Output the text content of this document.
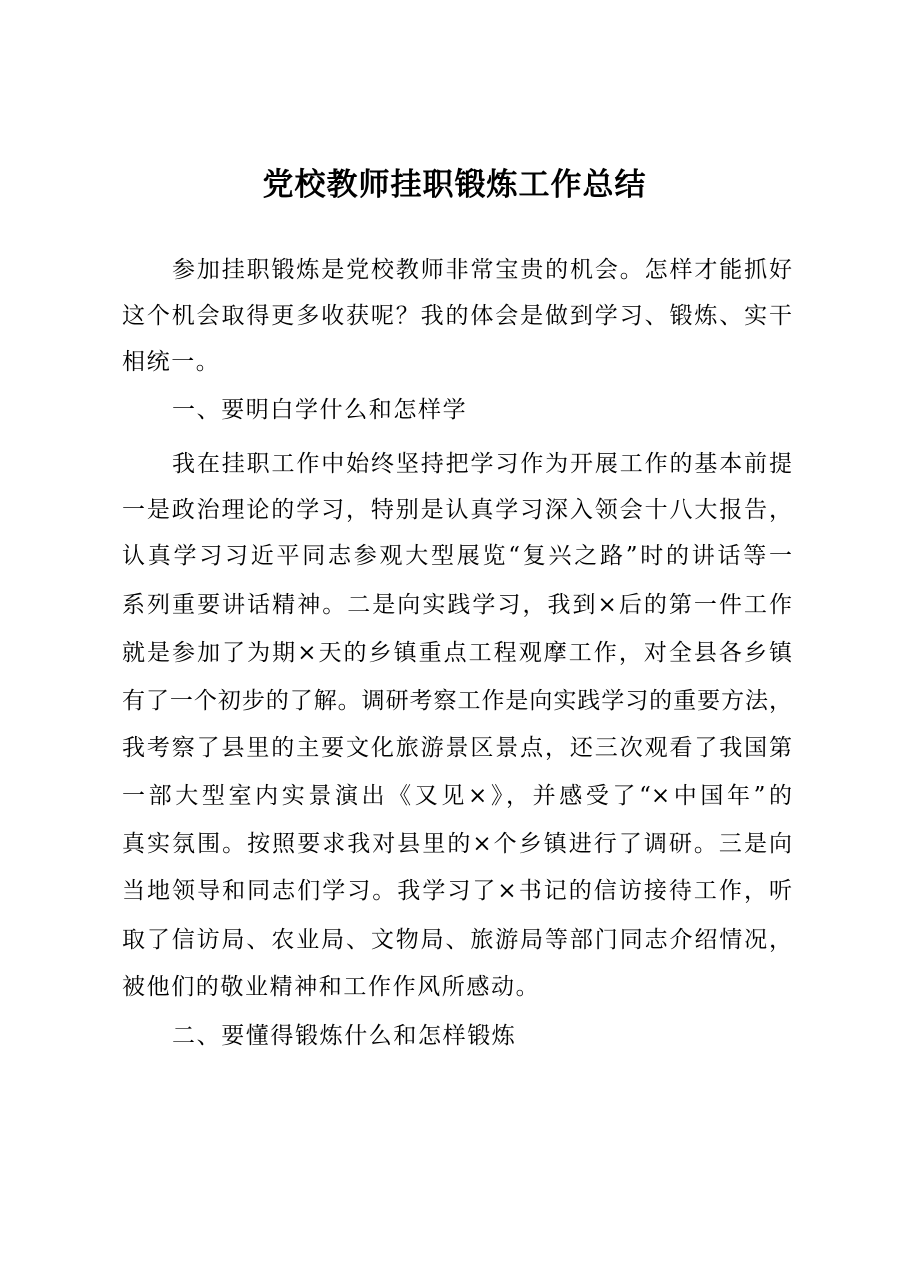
党校教师挂职锻炼工作总结
参加挂职锻炼是党校教师非常宝贵的机会。怎样才能抓好
这个机会取得更多收获呢？我的体会是做到学习、锻炼、实干
相统一。
一、要明白学什么和怎样学
我在挂职工作中始终坚持把学习作为开展工作的基本前提
一是政治理论的学习，特别是认真学习深入领会十八大报告，
认真学习习近平同志参观大型展览“复兴之路”时的讲话等一
系列重要讲话精神。二是向实践学习，我到×后的第一件工作
就是参加了为期×天的乡镇重点工程观摩工作，对全县各乡镇
有了一个初步的了解。调研考察工作是向实践学习的重要方法，
我考察了县里的主要文化旅游景区景点，还三次观看了我国第
一部大型室内实景演出《又见×》，并感受了“×中国年”的
真实氛围。按照要求我对县里的×个乡镇进行了调研。三是向
当地领导和同志们学习。我学习了×书记的信访接待工作，听
取了信访局、农业局、文物局、旅游局等部门同志介绍情况，
被他们的敬业精神和工作作风所感动。
二、要懂得锻炼什么和怎样锻炼
